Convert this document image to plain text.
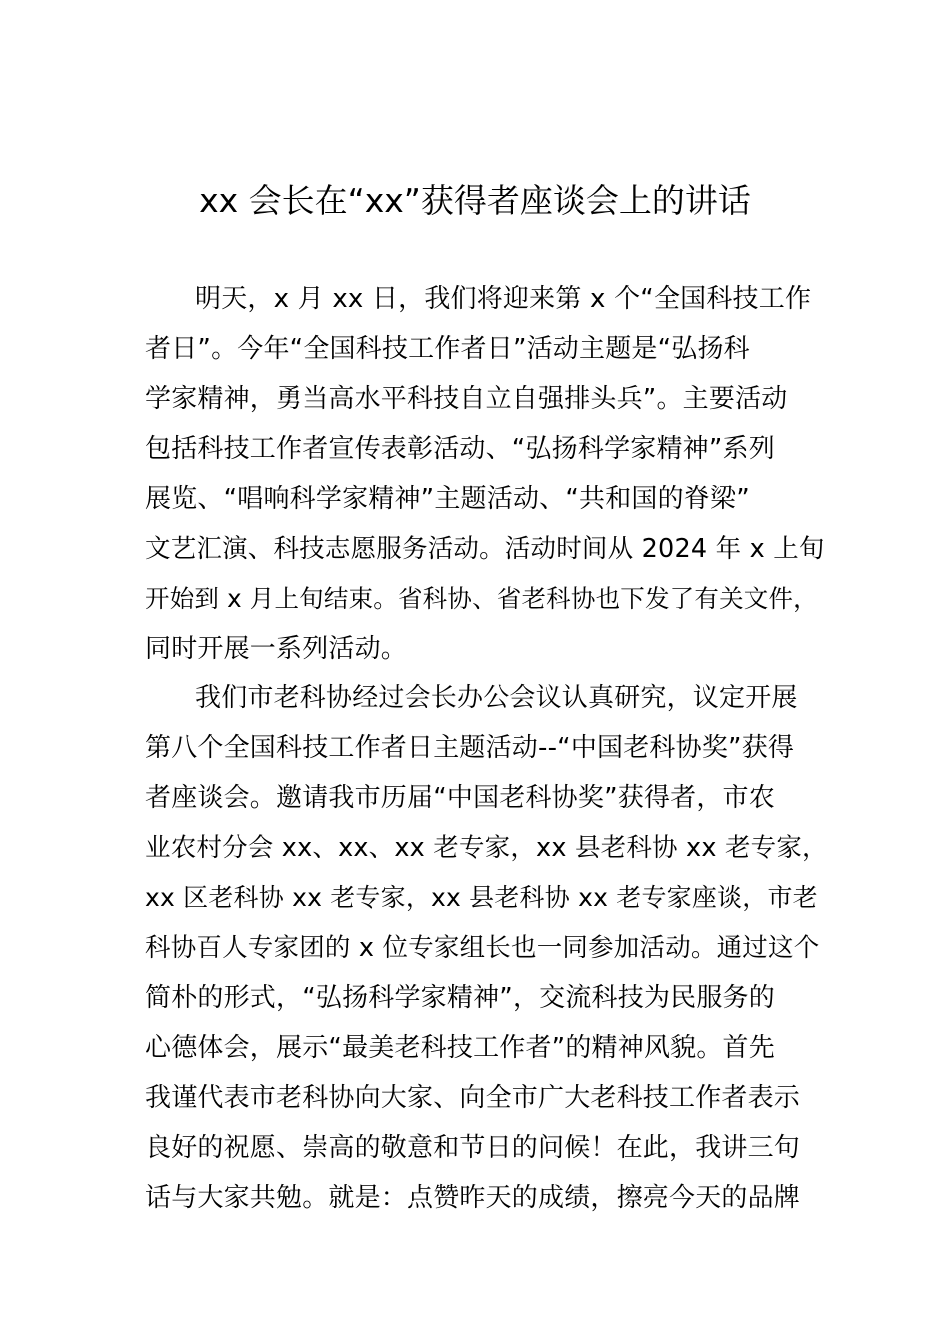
xx 会长在“xx”获得者座谈会上的讲话
明天，x 月 xx 日，我们将迎来第 x 个“全国科技工作
者日”。今年“全国科技工作者日”活动主题是“弘扬科
学家精神，勇当高水平科技自立自强排头兵”。主要活动
包括科技工作者宣传表彰活动、“弘扬科学家精神”系列
展览、“唱响科学家精神”主题活动、“共和国的脊梁”
文艺汇演、科技志愿服务活动。活动时间从 2024 年 x 上旬
开始到 x 月上旬结束。省科协、省老科协也下发了有关文件，
同时开展一系列活动。
我们市老科协经过会长办公会议认真研究，议定开展
第八个全国科技工作者日主题活动--“中国老科协奖”获得
者座谈会。邀请我市历届“中国老科协奖”获得者，市农
业农村分会 xx、xx、xx 老专家，xx 县老科协 xx 老专家，
xx 区老科协 xx 老专家，xx 县老科协 xx 老专家座谈，市老
科协百人专家团的 x 位专家组长也一同参加活动。通过这个
简朴的形式，“弘扬科学家精神”，交流科技为民服务的
心德体会，展示“最美老科技工作者”的精神风貌。首先
我谨代表市老科协向大家、向全市广大老科技工作者表示
良好的祝愿、崇高的敬意和节日的问候！在此，我讲三句
话与大家共勉。就是：点赞昨天的成绩，擦亮今天的品牌
